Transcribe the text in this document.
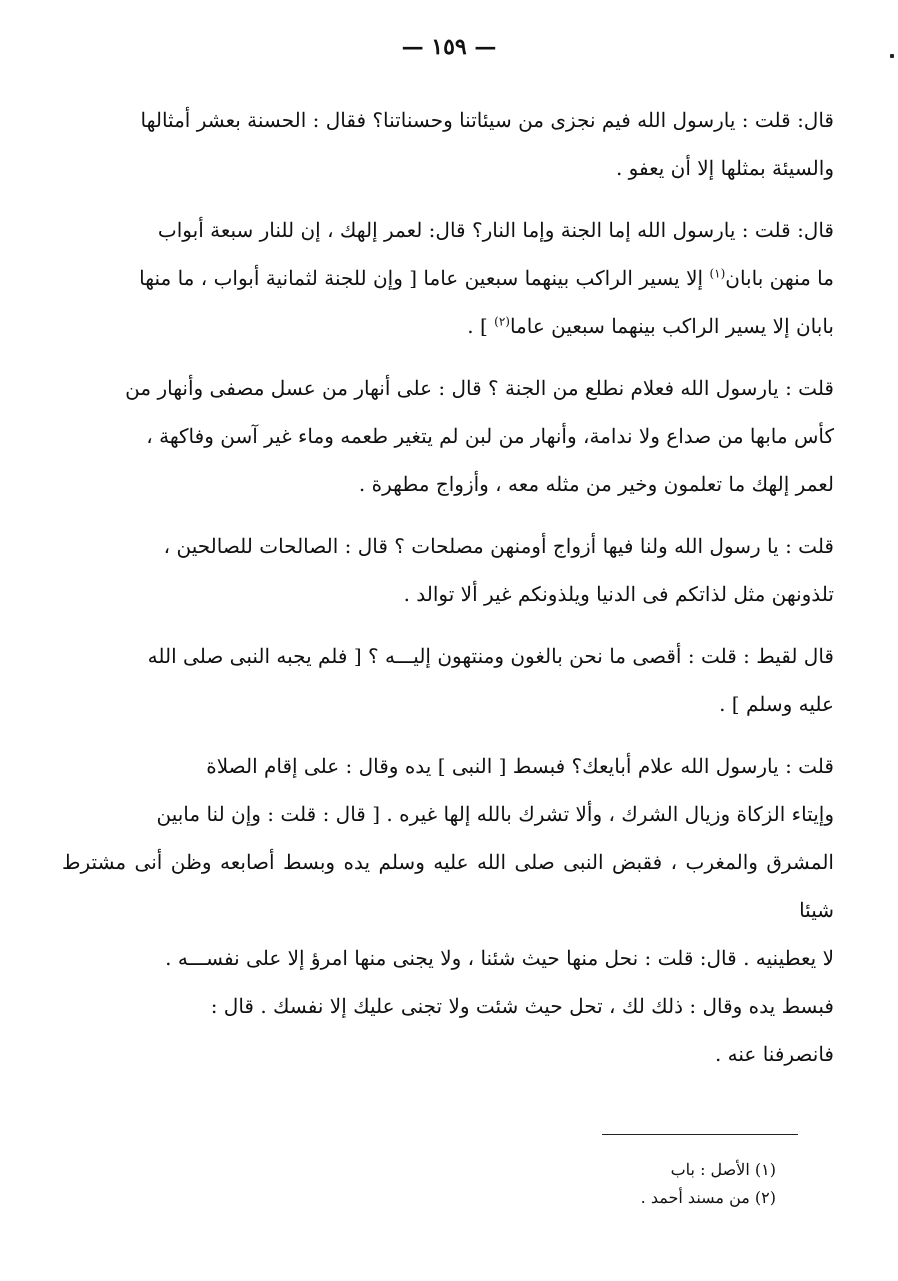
— ١٥٩ —

قال: قلت : يارسول الله فيم نجزى من سيئاتنا وحسناتنا؟ فقال : الحسنة بعشر أمثالها

والسيئة بمثلها إلا أن يعفو .

قال: قلت : يارسول الله إما الجنة وإما النار؟ قال: لعمر إلهك ، إن للنار سبعة أبواب

ما منهن بابان$^{(١)}$ إلا يسير الراكب بينهما سبعين عاما [ وإن للجنة لثمانية أبواب ، ما منها

بابان إلا يسير الراكب بينهما سبعين عاما$^{(٢)}$ ] .

قلت : يارسول الله فعلام نطلع من الجنة ؟ قال : على أنهار من عسل مصفى وأنهار من

كأس مابها من صداع ولا ندامة، وأنهار من لبن لم يتغير طعمه وماء غير آسن وفاكهة ،

لعمر إلهك ما تعلمون وخير من مثله معه ، وأزواج مطهرة .

قلت : يا رسول الله ولنا فيها أزواج أومنهن مصلحات ؟ قال : الصالحات للصالحين ،

تلذونهن مثل لذاتكم فى الدنيا ويلذونكم غير ألا توالد .

قال لقيط : قلت : أقصى ما نحن بالغون ومنتهون إليـــه ؟ [ فلم يجبه النبى صلى الله

عليه وسلم ] .

قلت : يارسول الله علام أبايعك؟ فبسط [ النبى ] يده وقال : على إقام الصلاة

وإيتاء الزكاة وزيال الشرك ، وألا تشرك بالله إلها غيره . [ قال : قلت : وإن لنا مابين

المشرق والمغرب ، فقبض النبى صلى الله عليه وسلم يده وبسط أصابعه وظن أنى مشترط شيئا

لا يعطينيه . قال: قلت : نحل منها حيث شئنا ، ولا يجنى منها امرؤ إلا على نفســـه .

فبسط يده وقال : ذلك لك ، تحل حيث شئت ولا تجنى عليك إلا نفسك . قال :

فانصرفنا عنه .

(١) الأصل : باب
(٢) من مسند أحمد .
